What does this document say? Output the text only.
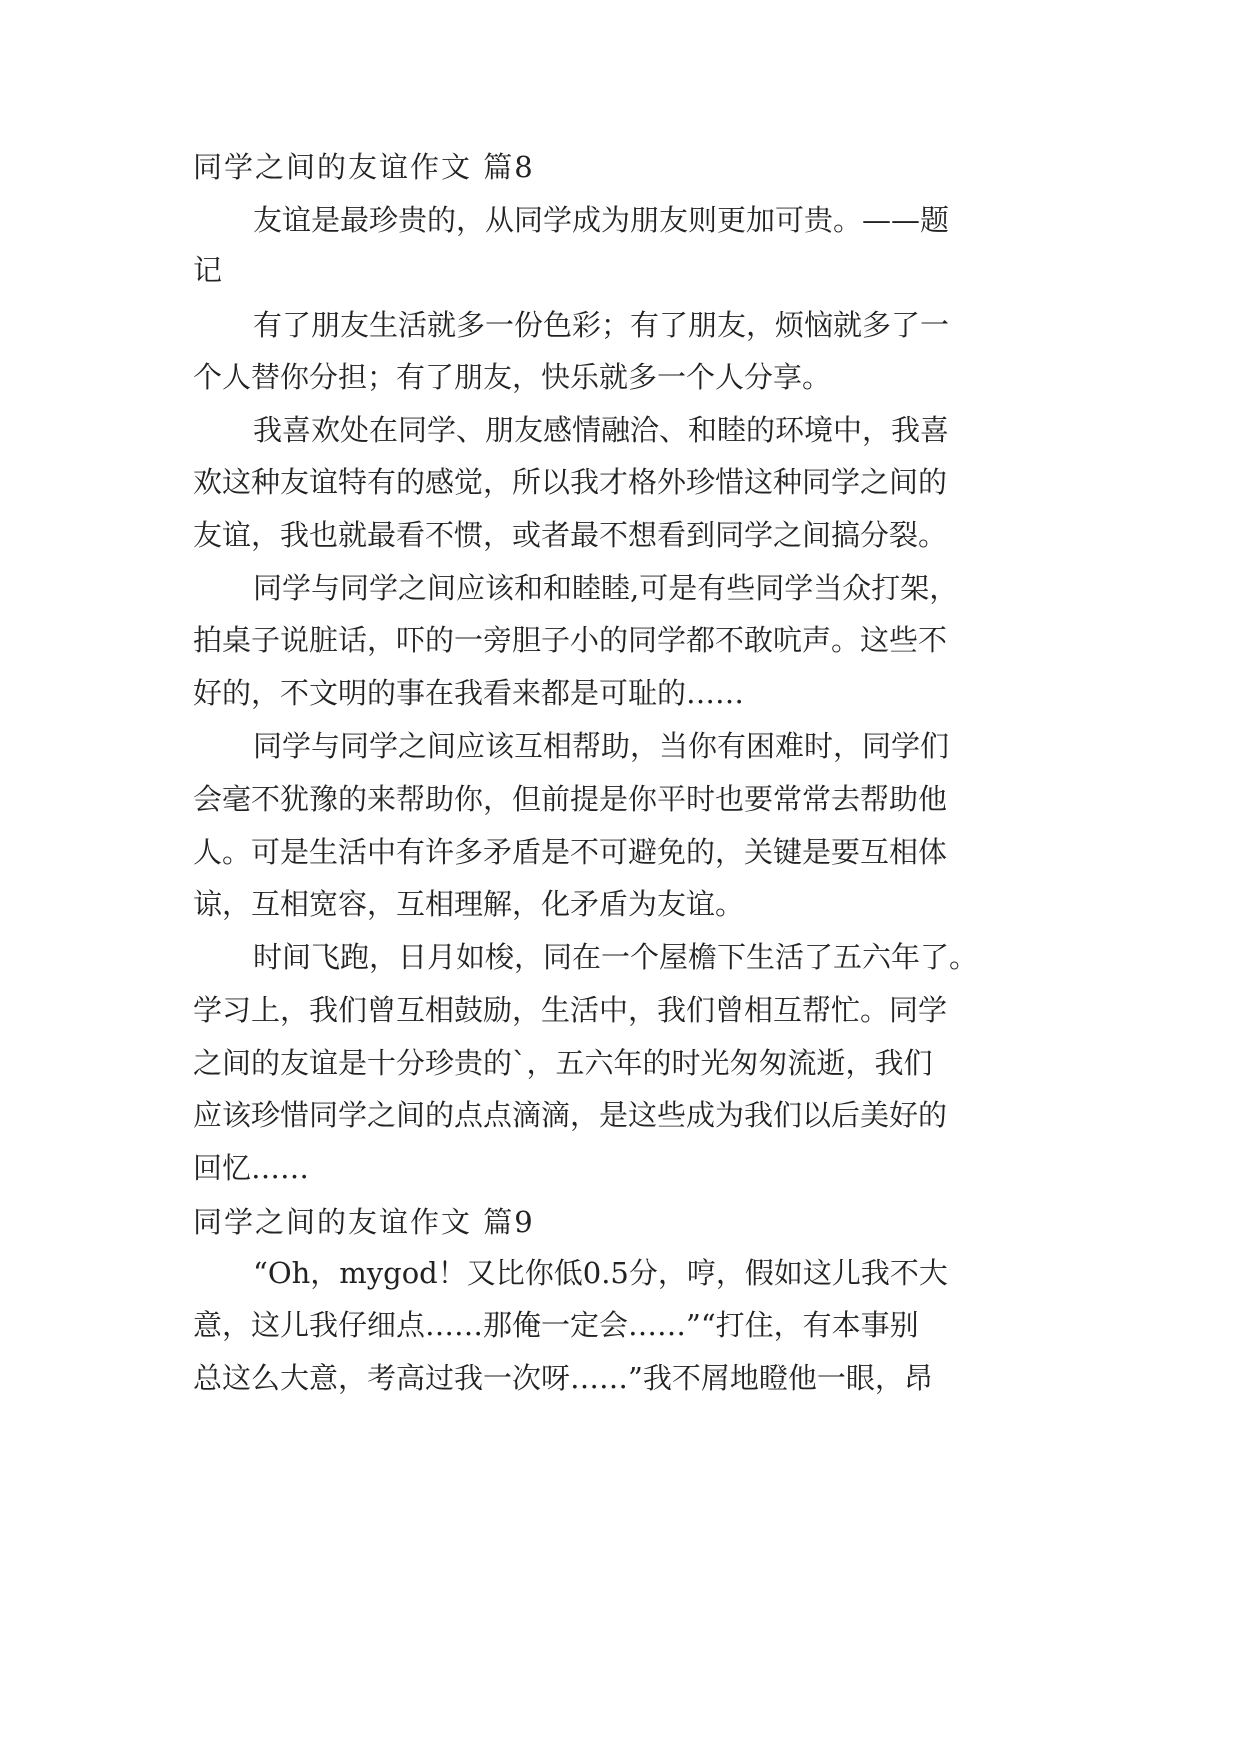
同学之间的友谊作文 篇8
友谊是最珍贵的，从同学成为朋友则更加可贵。——题
记
有了朋友生活就多一份色彩；有了朋友，烦恼就多了一
个人替你分担；有了朋友，快乐就多一个人分享。
我喜欢处在同学、朋友感情融洽、和睦的环境中，我喜
欢这种友谊特有的感觉，所以我才格外珍惜这种同学之间的
友谊，我也就最看不惯，或者最不想看到同学之间搞分裂。
同学与同学之间应该和和睦睦,可是有些同学当众打架，
拍桌子说脏话，吓的一旁胆子小的同学都不敢吭声。这些不
好的，不文明的事在我看来都是可耻的……
同学与同学之间应该互相帮助，当你有困难时，同学们
会毫不犹豫的来帮助你，但前提是你平时也要常常去帮助他
人。可是生活中有许多矛盾是不可避免的，关键是要互相体
谅，互相宽容，互相理解，化矛盾为友谊。
时间飞跑，日月如梭，同在一个屋檐下生活了五六年了。
学习上，我们曾互相鼓励，生活中，我们曾相互帮忙。同学
之间的友谊是十分珍贵的`，五六年的时光匆匆流逝，我们
应该珍惜同学之间的点点滴滴，是这些成为我们以后美好的
回忆……
同学之间的友谊作文 篇9
“Oh，mygod！又比你低0.5分，哼，假如这儿我不大
意，这儿我仔细点……那俺一定会……”“打住，有本事别
总这么大意，考高过我一次呀……”我不屑地瞪他一眼，昂
